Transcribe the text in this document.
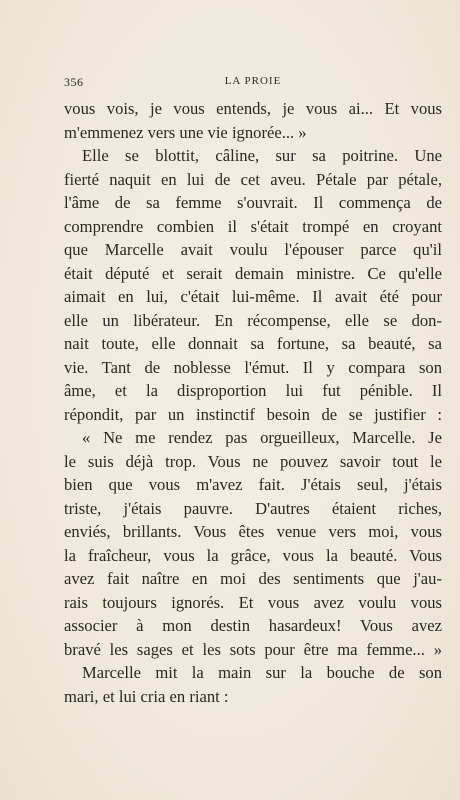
356	LA PROIE
vous vois, je vous entends, je vous ai... Et vous
m'emmenez vers une vie ignorée... »
Elle se blottit, câline, sur sa poitrine. Une
fierté naquit en lui de cet aveu. Pétale par pétale,
l'âme de sa femme s'ouvrait. Il commença de
comprendre combien il s'était trompé en croyant
que Marcelle avait voulu l'épouser parce qu'il
était député et serait demain ministre. Ce qu'elle
aimait en lui, c'était lui-même. Il avait été pour
elle un libérateur. En récompense, elle se don-
nait toute, elle donnait sa fortune, sa beauté, sa
vie. Tant de noblesse l'émut. Il y compara son
âme, et la disproportion lui fut pénible. Il
répondit, par un instinctif besoin de se justifier :
« Ne me rendez pas orgueilleux, Marcelle. Je
le suis déjà trop. Vous ne pouvez savoir tout le
bien que vous m'avez fait. J'étais seul, j'étais
triste, j'étais pauvre. D'autres étaient riches,
enviés, brillants. Vous êtes venue vers moi, vous
la fraîcheur, vous la grâce, vous la beauté. Vous
avez fait naître en moi des sentiments que j'au-
rais toujours ignorés. Et vous avez voulu vous
associer à mon destin hasardeux! Vous avez
bravé les sages et les sots pour être ma femme... »
Marcelle mit la main sur la bouche de son
mari, et lui cria en riant :
